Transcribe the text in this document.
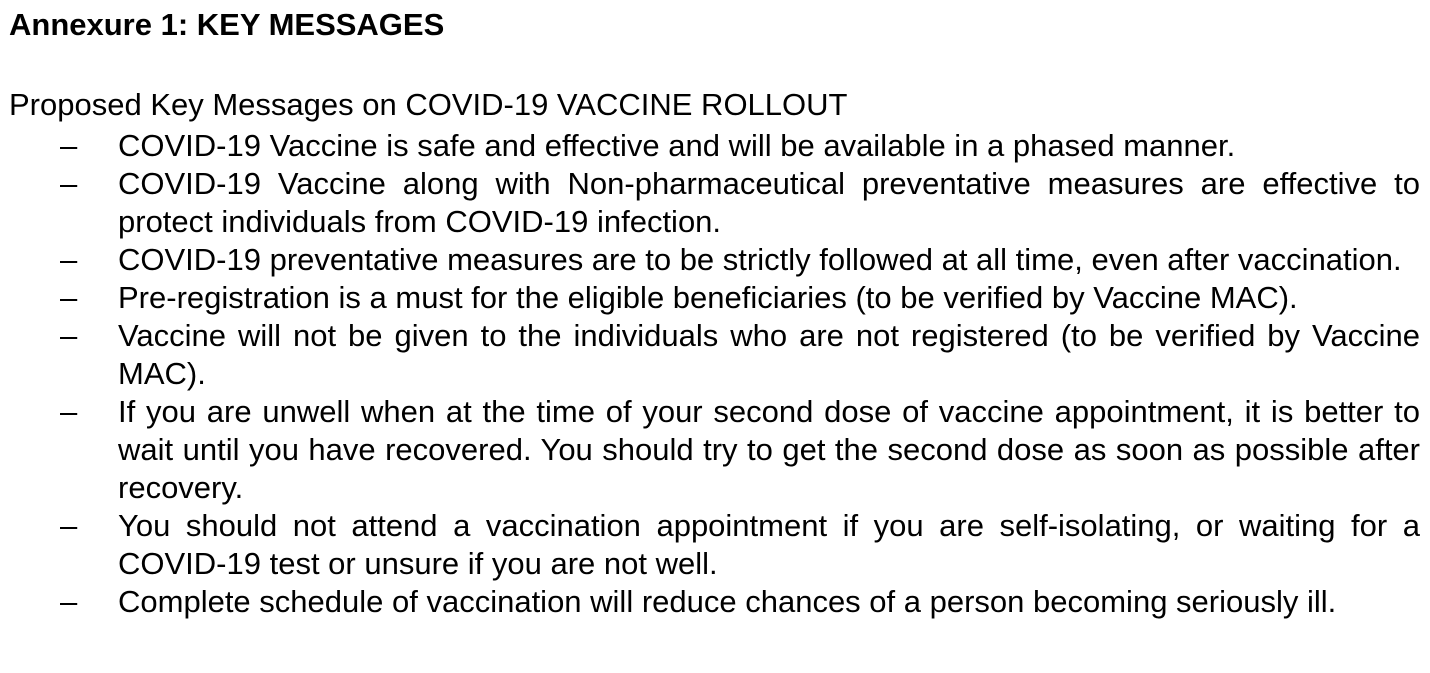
Annexure 1: KEY MESSAGES
Proposed Key Messages on COVID-19 VACCINE ROLLOUT
– COVID-19 Vaccine is safe and effective and will be available in a phased manner.
– COVID-19 Vaccine along with Non-pharmaceutical preventative measures are effective to protect individuals from COVID-19 infection.
– COVID-19 preventative measures are to be strictly followed at all time, even after vaccination.
– Pre-registration is a must for the eligible beneficiaries (to be verified by Vaccine MAC).
– Vaccine will not be given to the individuals who are not registered (to be verified by Vaccine MAC).
– If you are unwell when at the time of your second dose of vaccine appointment, it is better to wait until you have recovered. You should try to get the second dose as soon as possible after recovery.
– You should not attend a vaccination appointment if you are self-isolating, or waiting for a COVID-19 test or unsure if you are not well.
– Complete schedule of vaccination will reduce chances of a person becoming seriously ill.
